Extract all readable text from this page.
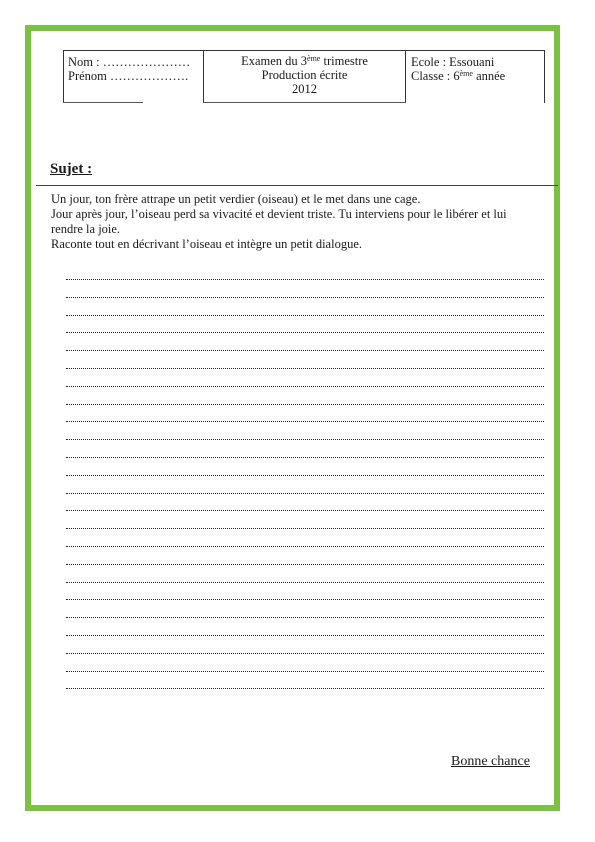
Nom : …………………
Prénom ……………….
Examen du 3ème trimestre
Production écrite
2012
Ecole : Essouani
Classe : 6ème année
Sujet :

Un jour, ton frère attrape un petit verdier (oiseau) et le met dans une cage.

Jour après jour, l’oiseau perd sa vivacité et devient triste. Tu interviens pour le libérer et lui

rendre la joie.

Raconte tout en décrivant l’oiseau et intègre un petit dialogue.

Bonne chance
